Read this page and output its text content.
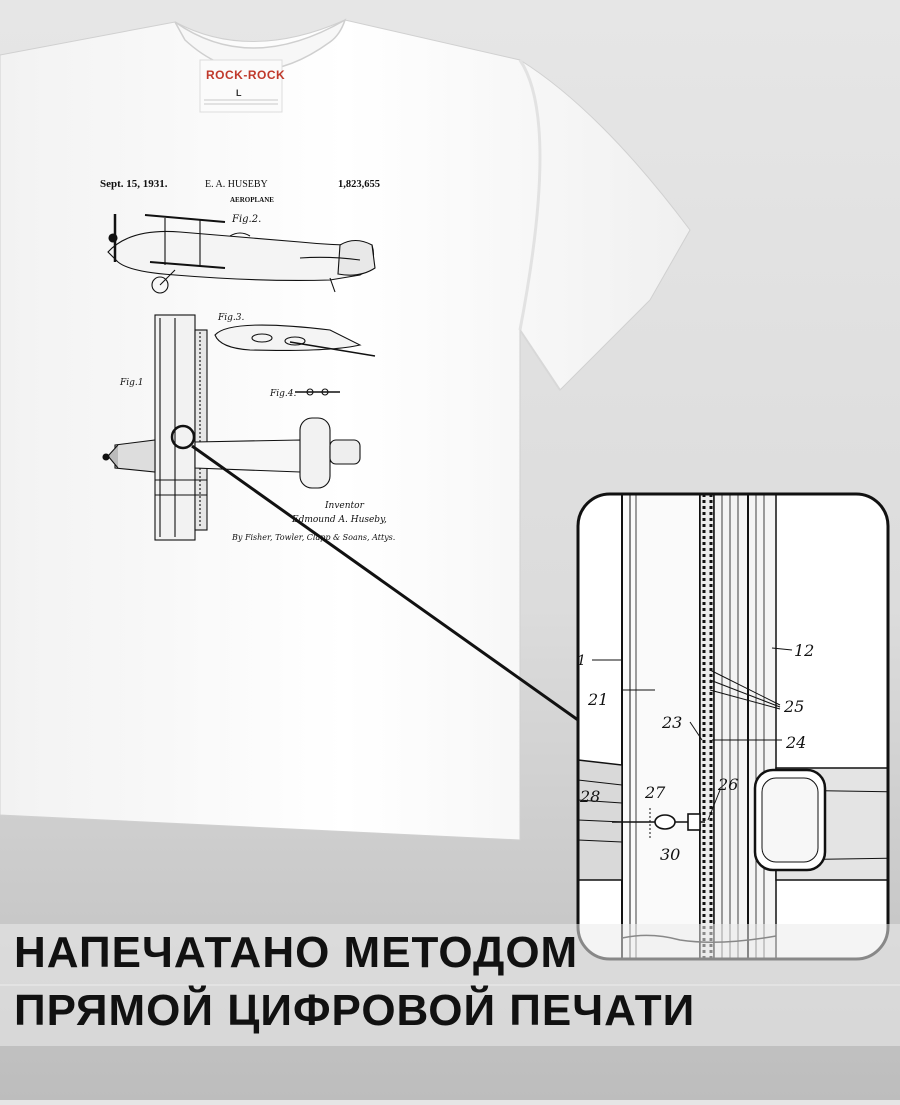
Sept. 15, 1931.	E. A. HUSEBY	1,823,655
AEROPLANE
Fig.2.
Fig.3.
Fig.1
Fig.4.
Inventor
Edmound A. Huseby,
By Fisher, Towler, Clapp & Soans, Attys.
1
21
23
12
25
24
28	27	26
30
ROCK-ROCK
L
НАПЕЧАТАНО МЕТОДОМ
ПРЯМОЙ ЦИФРОВОЙ ПЕЧАТИ
